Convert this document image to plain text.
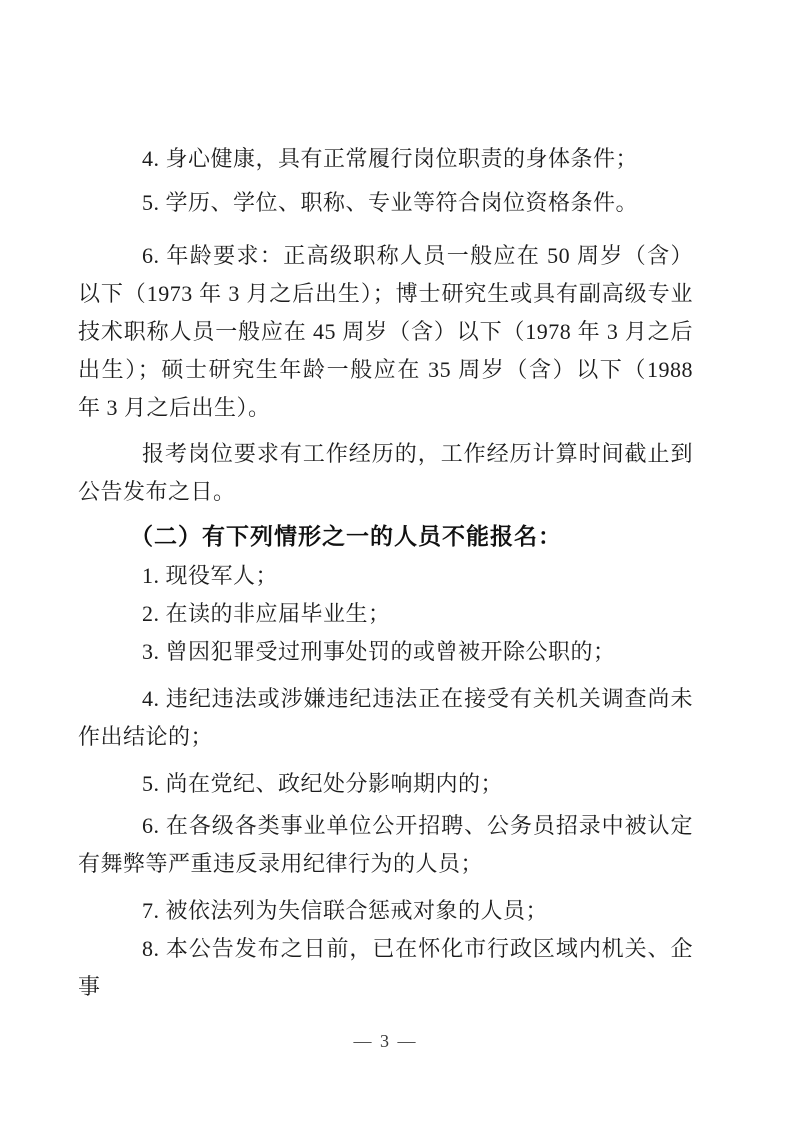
4. 身心健康，具有正常履行岗位职责的身体条件；

5. 学历、学位、职称、专业等符合岗位资格条件。

6. 年龄要求：正高级职称人员一般应在 50 周岁（含）以下（1973 年 3 月之后出生）；博士研究生或具有副高级专业技术职称人员一般应在 45 周岁（含）以下（1978 年 3 月之后出生）；硕士研究生年龄一般应在 35 周岁（含）以下（1988 年 3 月之后出生）。

报考岗位要求有工作经历的，工作经历计算时间截止到公告发布之日。

（二）有下列情形之一的人员不能报名：

1. 现役军人；

2. 在读的非应届毕业生；

3. 曾因犯罪受过刑事处罚的或曾被开除公职的；

4. 违纪违法或涉嫌违纪违法正在接受有关机关调查尚未作出结论的；

5. 尚在党纪、政纪处分影响期内的；

6. 在各级各类事业单位公开招聘、公务员招录中被认定有舞弊等严重违反录用纪律行为的人员；

7. 被依法列为失信联合惩戒对象的人员；

8. 本公告发布之日前，已在怀化市行政区域内机关、企事

— 3 —
